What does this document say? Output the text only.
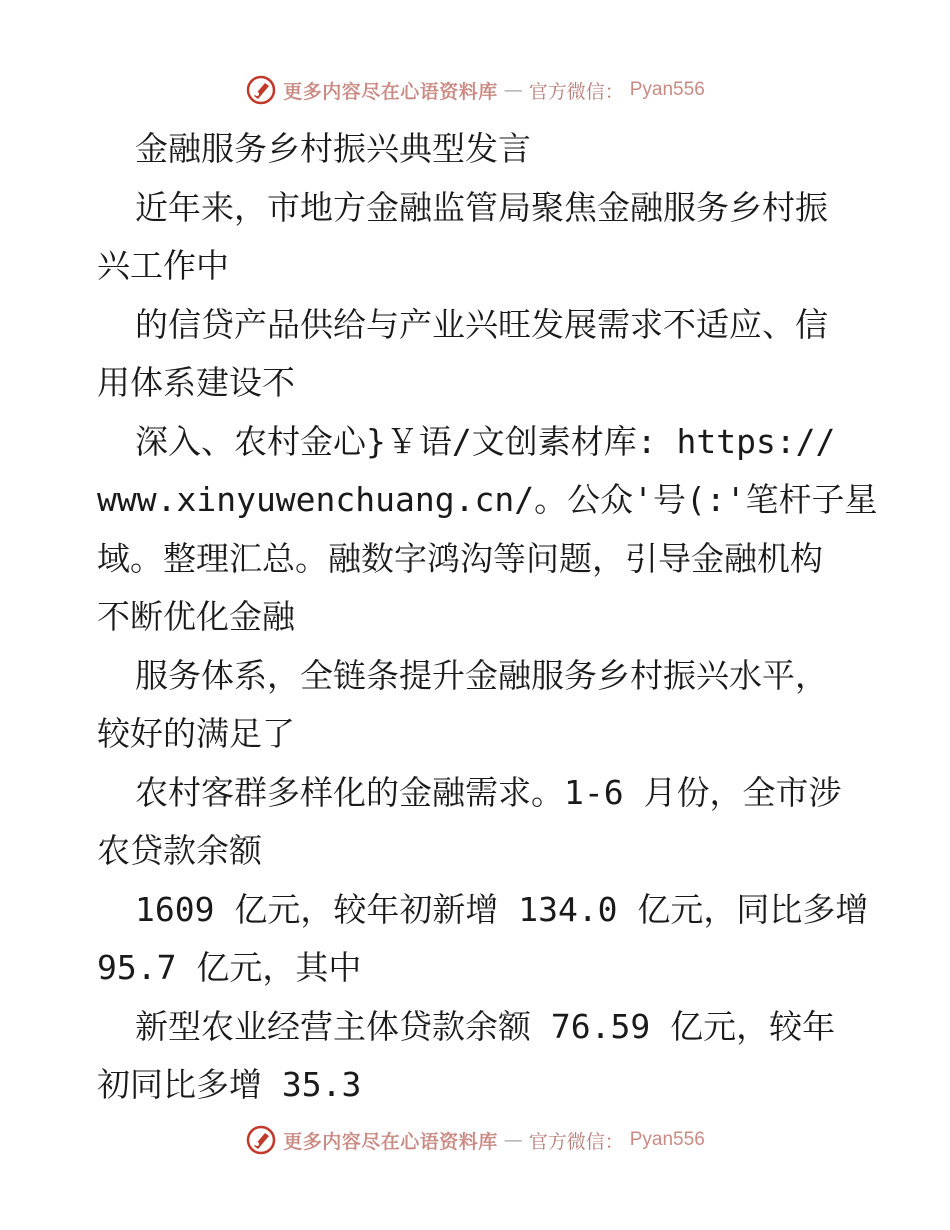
更多内容尽在心语资料库 — 官方微信： Pyan556
金融服务乡村振兴典型发言
近年来，市地方金融监管局聚焦金融服务乡村振
兴工作中
的信贷产品供给与产业兴旺发展需求不适应、信
用体系建设不
深入、农村金心}￥语/文创素材库: https://
www.xinyuwenchuang.cn/。公众'号(:'笔杆子星
域。整理汇总。融数字鸿沟等问题，引导金融机构
不断优化金融
服务体系，全链条提升金融服务乡村振兴水平，
较好的满足了
农村客群多样化的金融需求。1-6 月份，全市涉
农贷款余额
1609 亿元，较年初新增 134.0 亿元，同比多增
95.7 亿元，其中
新型农业经营主体贷款余额 76.59 亿元，较年
初同比多增 35.3
更多内容尽在心语资料库 — 官方微信： Pyan556
